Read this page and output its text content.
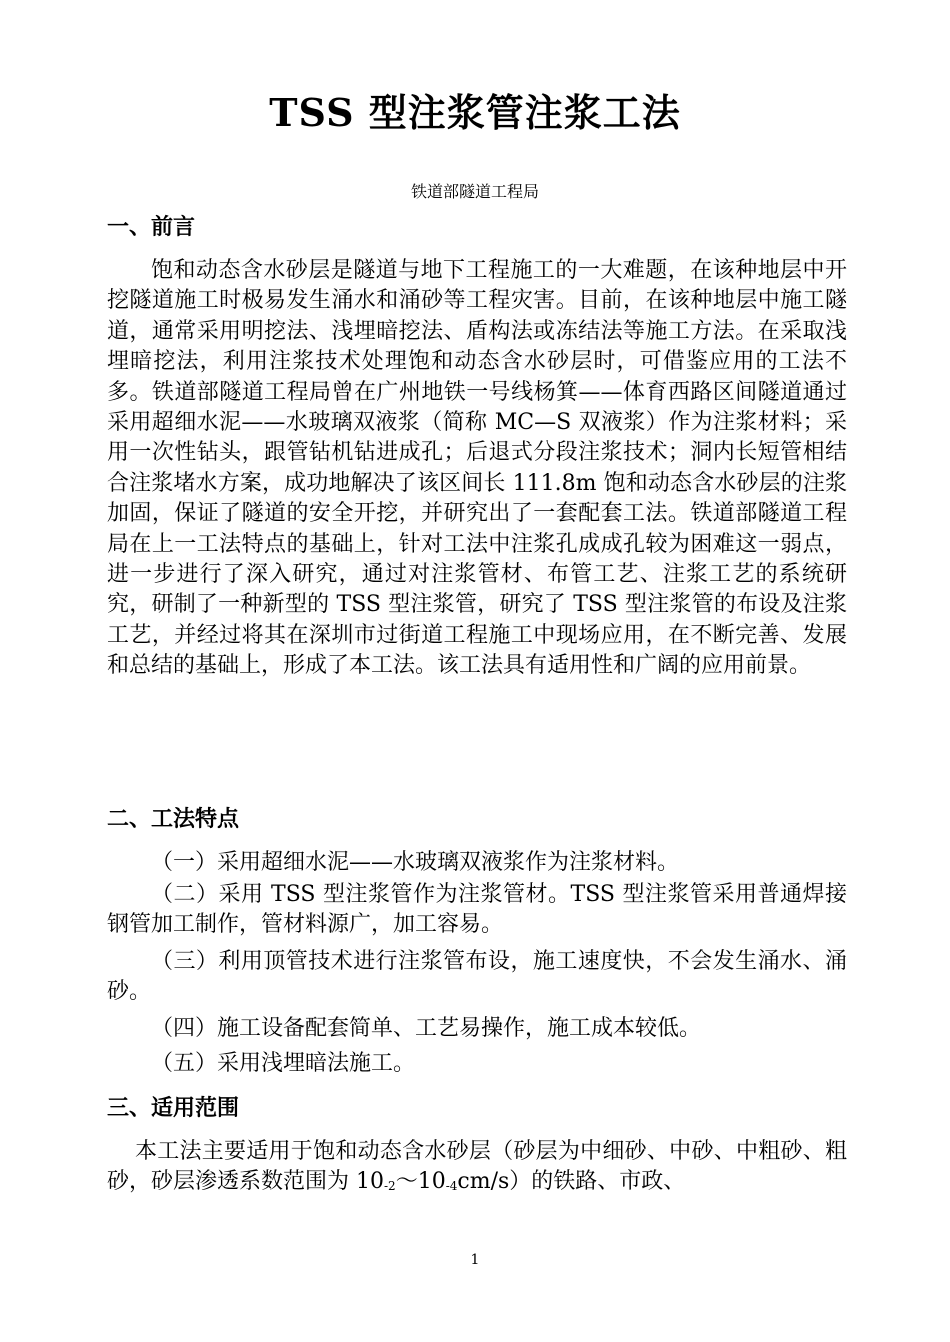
TSS 型注浆管注浆工法
铁道部隧道工程局
一、前言

饱和动态含水砂层是隧道与地下工程施工的一大难题，在该种地层中开挖隧道施工时极易发生涌水和涌砂等工程灾害。目前，在该种地层中施工隧道，通常采用明挖法、浅埋暗挖法、盾构法或冻结法等施工方法。在采取浅埋暗挖法，利用注浆技术处理饱和动态含水砂层时，可借鉴应用的工法不多。铁道部隧道工程局曾在广州地铁一号线杨箕——体育西路区间隧道通过采用超细水泥——水玻璃双液浆（简称 MC—S 双液浆）作为注浆材料；采用一次性钻头，跟管钻机钻进成孔；后退式分段注浆技术；洞内长短管相结合注浆堵水方案，成功地解决了该区间长 111.8m 饱和动态含水砂层的注浆加固，保证了隧道的安全开挖，并研究出了一套配套工法。铁道部隧道工程局在上一工法特点的基础上，针对工法中注浆孔成成孔较为困难这一弱点，进一步进行了深入研究，通过对注浆管材、布管工艺、注浆工艺的系统研究，研制了一种新型的 TSS 型注浆管，研究了 TSS 型注浆管的布设及注浆工艺，并经过将其在深圳市过街道工程施工中现场应用，在不断完善、发展和总结的基础上，形成了本工法。该工法具有适用性和广阔的应用前景。

二、工法特点

（一）采用超细水泥——水玻璃双液浆作为注浆材料。

（二）采用 TSS 型注浆管作为注浆管材。TSS 型注浆管采用普通焊接钢管加工制作，管材料源广，加工容易。

（三）利用顶管技术进行注浆管布设，施工速度快，不会发生涌水、涌砂。

（四）施工设备配套简单、工艺易操作，施工成本较低。

（五）采用浅埋暗法施工。

三、适用范围

本工法主要适用于饱和动态含水砂层（砂层为中细砂、中砂、中粗砂、粗砂，砂层渗透系数范围为 $10^{-2}\sim 10^{-4}cm/s$）的铁路、市政、

1
